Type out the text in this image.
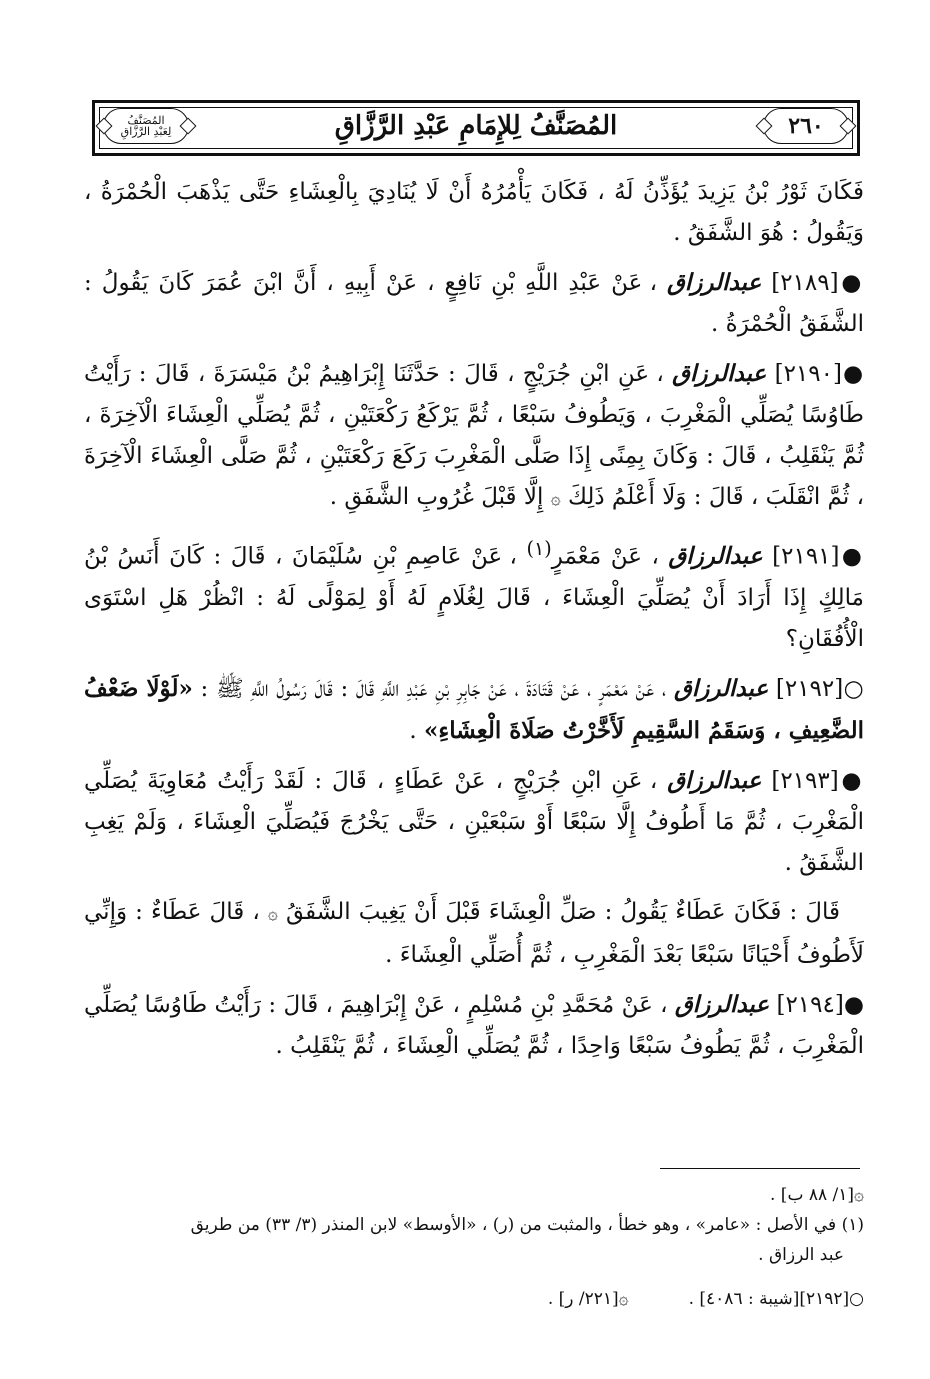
٢٦٠
المُصَنَّفُ لِلإِمَامِ عَبْدِ الرَّزَّاقِ
المُصَنَّفُ
لِعَبْدِ الرَّزَّاقِ

فَكَانَ ثَوْرُ بْنُ يَزِيدَ يُؤَذِّنُ لَهُ ، فَكَانَ يَأْمُرُهُ أَنْ لَا يُنَادِيَ بِالْعِشَاءِ حَتَّى يَذْهَبَ الْحُمْرَةُ ، وَيَقُولُ : هُوَ الشَّفَقُ .

●[٢١٨٩] عبدالرزاق ، عَنْ عَبْدِ اللَّهِ بْنِ نَافِعٍ ، عَنْ أَبِيهِ ، أَنَّ ابْنَ عُمَرَ كَانَ يَقُولُ : الشَّفَقُ الْحُمْرَةُ .

●[٢١٩٠] عبدالرزاق ، عَنِ ابْنِ جُرَيْجٍ ، قَالَ : حَدَّثَنَا إِبْرَاهِيمُ بْنُ مَيْسَرَةَ ، قَالَ : رَأَيْتُ طَاوُسًا يُصَلِّي الْمَغْرِبَ ، وَيَطُوفُ سَبْعًا ، ثُمَّ يَرْكَعُ رَكْعَتَيْنِ ، ثُمَّ يُصَلِّي الْعِشَاءَ الْآخِرَةَ ، ثُمَّ يَنْقَلِبُ ، قَالَ : وَكَانَ بِمِنًى إِذَا صَلَّى الْمَغْرِبَ رَكَعَ رَكْعَتَيْنِ ، ثُمَّ صَلَّى الْعِشَاءَ الْآخِرَةَ ، ثُمَّ انْقَلَبَ ، قَالَ : وَلَا أَعْلَمُ ذَلِكَ ۞ إِلَّا قَبْلَ غُرُوبِ الشَّفَقِ .

●[٢١٩١] عبدالرزاق ، عَنْ مَعْمَرٍ$^{(١)}$ ، عَنْ عَاصِمِ بْنِ سُلَيْمَانَ ، قَالَ : كَانَ أَنَسُ بْنُ مَالِكٍ إِذَا أَرَادَ أَنْ يُصَلِّيَ الْعِشَاءَ ، قَالَ لِغُلَامٍ لَهُ أَوْ لِمَوْلًى لَهُ : انْظُرْ هَلِ اسْتَوَى الْأُفُقَانِ؟

○[٢١٩٢] عبدالرزاق ، عَنْ مَعْمَرٍ ، عَنْ قَتَادَةَ ، عَنْ جَابِرِ بْنِ عَبْدِ اللَّهِ قَالَ : قَالَ رَسُولُ اللَّهِ ﷺ : «لَوْلَا ضَعْفُ الضَّعِيفِ ، وَسَقَمُ السَّقِيمِ لَأَخَّرْتُ صَلَاةَ الْعِشَاءِ» .

●[٢١٩٣] عبدالرزاق ، عَنِ ابْنِ جُرَيْجٍ ، عَنْ عَطَاءٍ ، قَالَ : لَقَدْ رَأَيْتُ مُعَاوِيَةَ يُصَلِّي الْمَغْرِبَ ، ثُمَّ مَا أَطُوفُ إِلَّا سَبْعًا أَوْ سَبْعَيْنِ ، حَتَّى يَخْرُجَ فَيُصَلِّيَ الْعِشَاءَ ، وَلَمْ يَغِبِ الشَّفَقُ .

قَالَ : فَكَانَ عَطَاءٌ يَقُولُ : صَلِّ الْعِشَاءَ قَبْلَ أَنْ يَغِيبَ الشَّفَقُ ۞ ، قَالَ عَطَاءٌ : وَإِنِّي لَأَطُوفُ أَحْيَانًا سَبْعًا بَعْدَ الْمَغْرِبِ ، ثُمَّ أُصَلِّي الْعِشَاءَ .

●[٢١٩٤] عبدالرزاق ، عَنْ مُحَمَّدِ بْنِ مُسْلِمٍ ، عَنْ إِبْرَاهِيمَ ، قَالَ : رَأَيْتُ طَاوُسًا يُصَلِّي الْمَغْرِبَ ، ثُمَّ يَطُوفُ سَبْعًا وَاحِدًا ، ثُمَّ يُصَلِّي الْعِشَاءَ ، ثُمَّ يَنْقَلِبُ .

۞[١/ ٨٨ ب] .

(١) في الأصل : «عامر» ، وهو خطأ ، والمثبت من (ر) ، «الأوسط» لابن المنذر (٣/ ٣٣) من طريق

عبد الرزاق .

○[٢١٩٢][شيبة : ٤٠٨٦] .
۞[٢٢١/ ر] .
